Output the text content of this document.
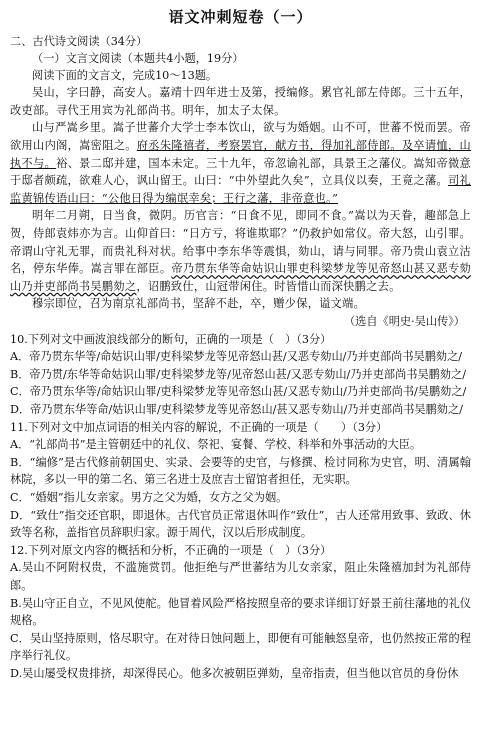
语文冲刺短卷（一）
二、古代诗文阅读（34分）
（一）文言文阅读（本题共4小题，19分）
阅读下面的文言文，完成10～13题。

吴山，字曰静，高安人。嘉靖十四年进士及第，授编修。累官礼部左侍郎。三十五年，改吏部。寻代王用宾为礼部尚书。明年，加太子太保。

山与严嵩乡里。嵩子世蕃介大学士李本饮山，欲与为婚姻。山不可，世蕃不悦而罢。帝欲用山内阁，嵩密阻之。府丞朱隆禧者，考察罢官，献方书，得加礼部侍郎。及卒请恤，山执不与。裕、景二邸并建，国本未定。三十九年，帝忽谕礼部，具景王之藩仪。嵩知帝微意于邸者颇疏，欲难人心，讽山留王。山曰：“中外望此久矣”，立具仪以奏，王竟之藩。司礼监黄锦传语山曰：“公他日得为编氓幸矣；王行之藩，非帝意也。”

明年二月朔，日当食，微阴。历官言：“日食不见，即同不食。”嵩以为天眷，趣部急上贺，侍郎袁炜亦为言。山仰首曰：“日方亏，将谁欺耶？”仍救护如常仪。帝大怒，山引罪。帝谓山守礼无罪，而贵礼科对状。给事中李东华等震惧，劾山，请与同罪。帝乃贵山袁立沽名，停东华俸。嵩言罪在部臣。帝乃贯东华等命姑识山罪吏科梁梦龙等见帝怒山甚又恶专劾山乃并吏部尚书吴鹏劾之，诏鹏致仕，山冠带闲住。时皆惜山而深快鹏之去。

穆宗即位，召为南京礼部尚书，坚辞不赴，卒，赠少保，谥文端。

（选自《明史·吴山传》）

10.下列对文中画波浪线部分的断句，正确的一项是（　）（3分）

A．帝乃贯东华等/命姑识山罪/吏科梁梦龙等见帝怒山甚/又恶专劾山/乃并吏部尚书吴鹏劾之/

B．帝乃贯/东华等命姑识山罪/吏科梁梦龙等/见帝怒山甚/又恶专劾山/乃并吏部尚书吴鹏劾之/

C．帝乃贯东华等/命姑识山罪/吏科梁梦龙等见帝怒山甚/又恶专劾山/乃并吏部尚书/吴鹏劾之/

D．帝乃贯东华等命/姑识山罪/吏科梁梦龙等见帝怒山/甚又恶专劾山/乃并吏部尚书吴鹏劾之/

11.下列对文中加点词语的相关内容的解说，不正确的一项是（　　）（3分）

A．“礼部尚书”是主管朝廷中的礼仪、祭祀、宴餐、学校、科举和外事活动的大臣。

B．“编修”是古代修前朝国史、实录、会要等的史官，与修撰、检讨同称为史官，明、清属翰林院，多以一甲的第二名、第三名进士及庶吉士留馆者担任，无实职。

C．“婚姻”指儿女亲家。男方之父为婚，女方之父为姻。

D．“致仕”指交还官职，即退休。古代官员正常退休叫作“致仕”，古人还常用致事、致政、休致等名称，盖指官员辞职归家。源于周代，汉以后形成制度。

12.下列对原文内容的概括和分析，不正确的一项是（　）（3分）

A.吴山不阿附权贵，不滥施赏罚。他拒绝与严世蕃结为儿女亲家，阻止朱隆禧加封为礼部侍郎。

B.吴山守正自立，不见风使舵。他冒着风险严格按照皇帝的要求详细订好景王前往藩地的礼仪规格。

C．吴山坚持原则，恪尽职守。在对待日蚀问题上，即便有可能触怒皇帝，也仍然按正常的程序举行礼仪。

D.吴山屡受权贵排挤，却深得民心。他多次被朝臣弹劾，皇帝指责，但当他以官员的身份休
